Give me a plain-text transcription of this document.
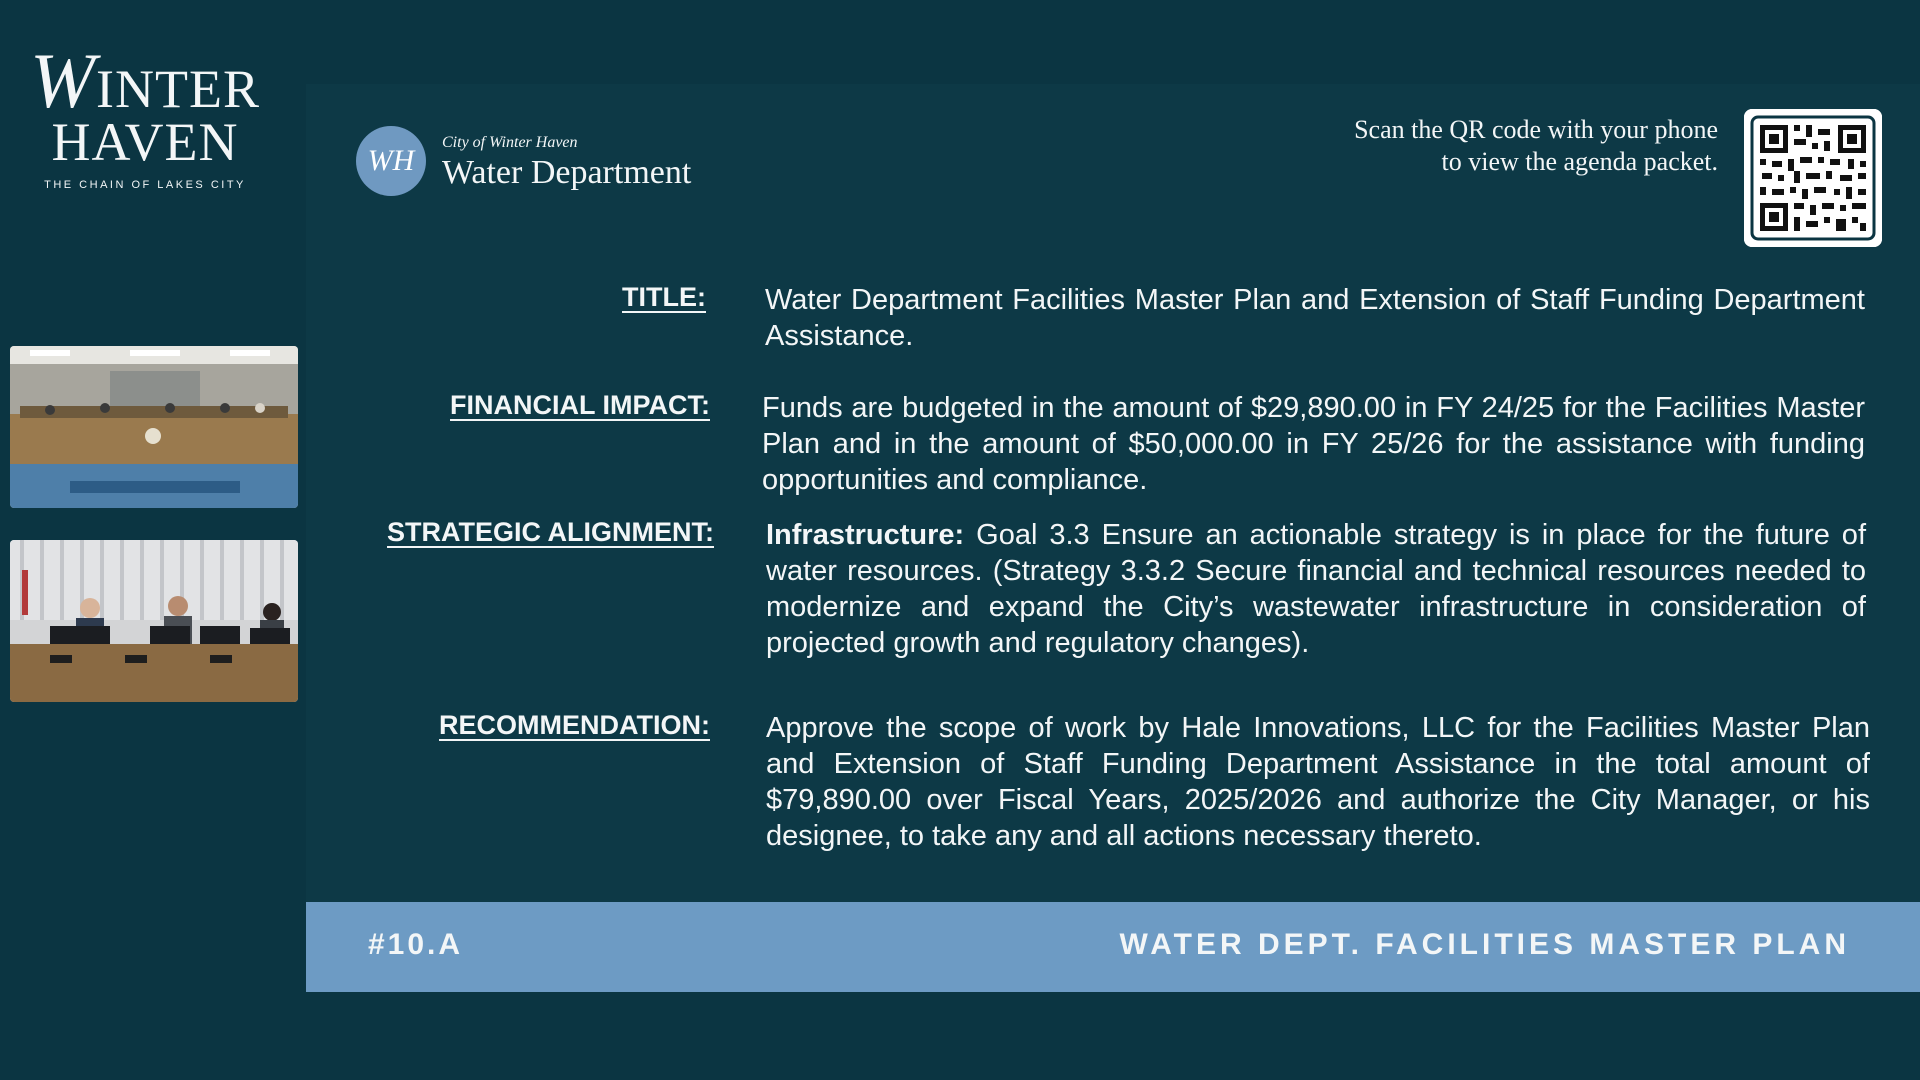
WINTER
HAVEN
THE CHAIN OF LAKES CITY
WH
City of Winter Haven
Water Department
Scan the QR code with your phone
to view the agenda packet.
TITLE: Water Department Facilities Master Plan and Extension of Staff Funding Department Assistance.
FINANCIAL IMPACT: Funds are budgeted in the amount of $29,890.00 in FY 24/25 for the Facilities Master Plan and in the amount of $50,000.00 in FY 25/26 for the assistance with funding opportunities and compliance.
STRATEGIC ALIGNMENT: Infrastructure: Goal 3.3 Ensure an actionable strategy is in place for the future of water resources. (Strategy 3.3.2 Secure financial and technical resources needed to modernize and expand the City’s wastewater infrastructure in consideration of projected growth and regulatory changes).
RECOMMENDATION: Approve the scope of work by Hale Innovations, LLC for the Facilities Master Plan and Extension of Staff Funding Department Assistance in the total amount of $79,890.00 over Fiscal Years, 2025/2026 and authorize the City Manager, or his designee, to take any and all actions necessary thereto.
#10.A	WATER DEPT. FACILITIES MASTER PLAN
